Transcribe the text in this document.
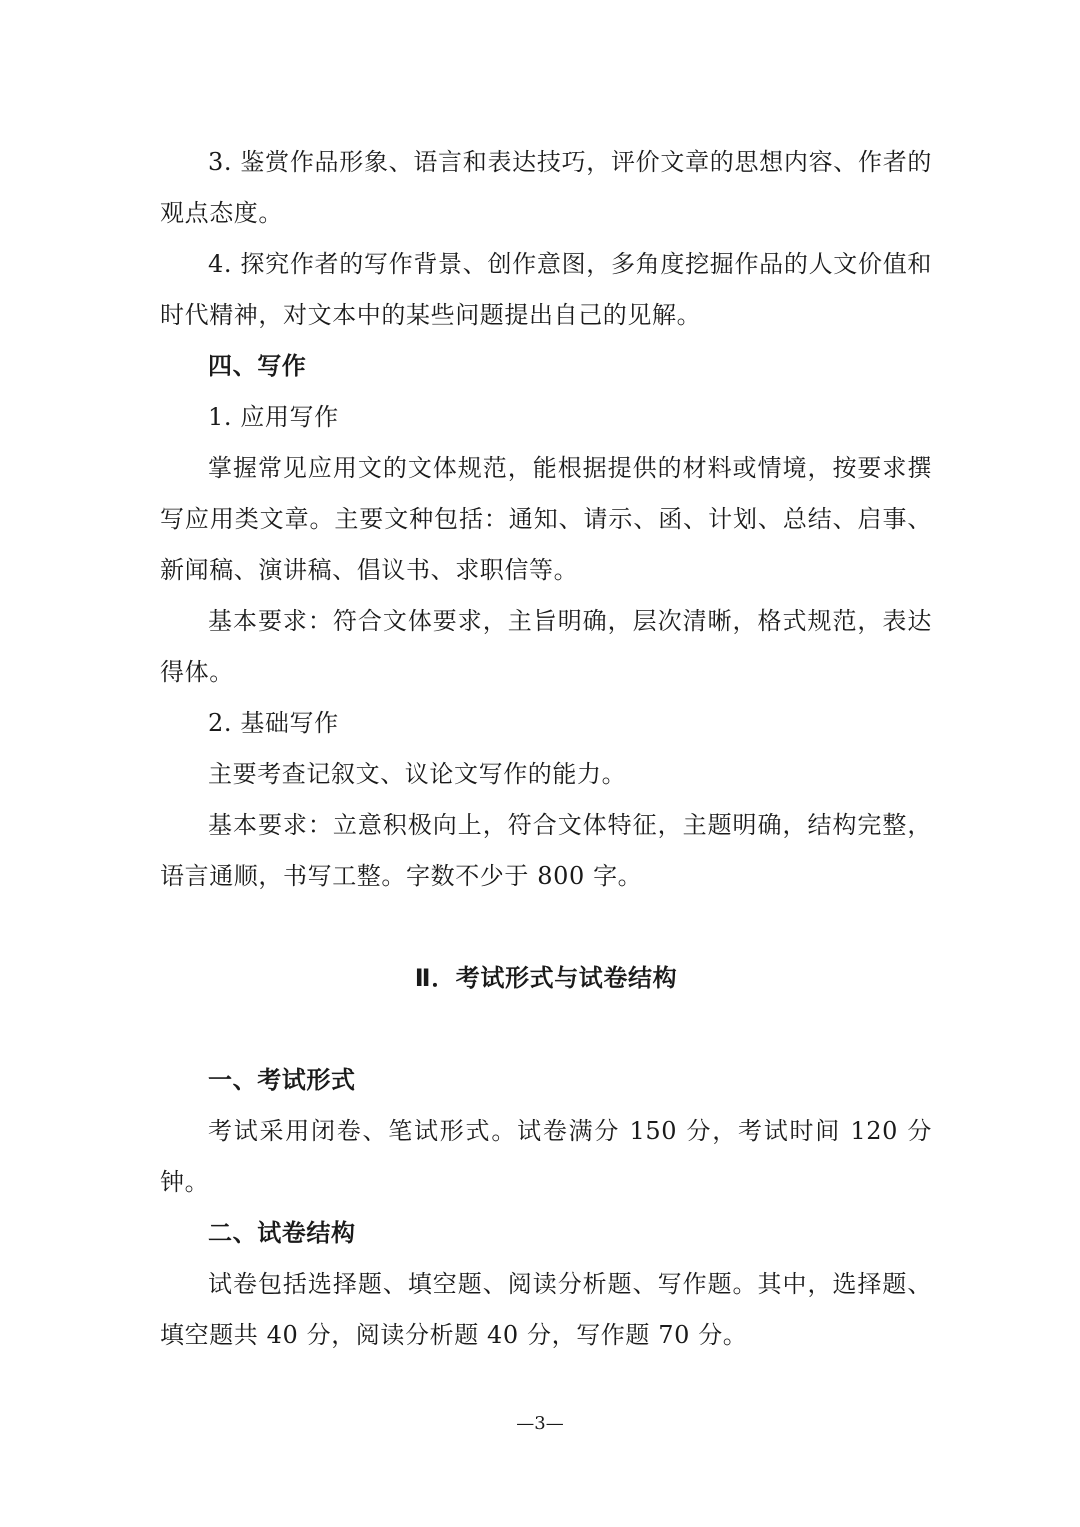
3. 鉴赏作品形象、语言和表达技巧，评价文章的思想内容、作者的观点态度。

4. 探究作者的写作背景、创作意图，多角度挖掘作品的人文价值和时代精神，对文本中的某些问题提出自己的见解。

四、写作

1. 应用写作

掌握常见应用文的文体规范，能根据提供的材料或情境，按要求撰写应用类文章。主要文种包括：通知、请示、函、计划、总结、启事、新闻稿、演讲稿、倡议书、求职信等。

基本要求：符合文体要求，主旨明确，层次清晰，格式规范，表达得体。

2. 基础写作

主要考查记叙文、议论文写作的能力。

基本要求：立意积极向上，符合文体特征，主题明确，结构完整，语言通顺，书写工整。字数不少于 800 字。

Ⅱ．考试形式与试卷结构

一、考试形式

考试采用闭卷、笔试形式。试卷满分 150 分，考试时间 120 分钟。

二、试卷结构

试卷包括选择题、填空题、阅读分析题、写作题。其中，选择题、填空题共 40 分，阅读分析题 40 分，写作题 70 分。

—3—
